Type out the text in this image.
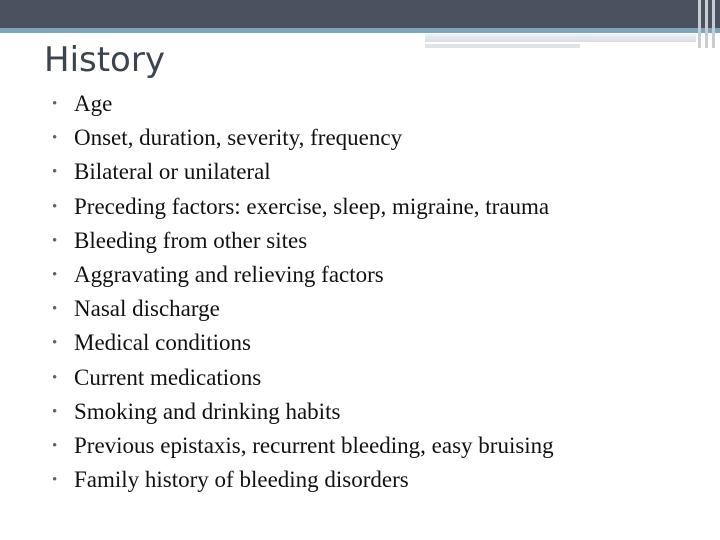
History
• Age
• Onset, duration, severity, frequency
• Bilateral or unilateral
• Preceding factors: exercise, sleep, migraine, trauma
• Bleeding from other sites
• Aggravating and relieving factors
• Nasal discharge
• Medical conditions
• Current medications
• Smoking and drinking habits
• Previous epistaxis, recurrent bleeding, easy bruising
• Family history of bleeding disorders
